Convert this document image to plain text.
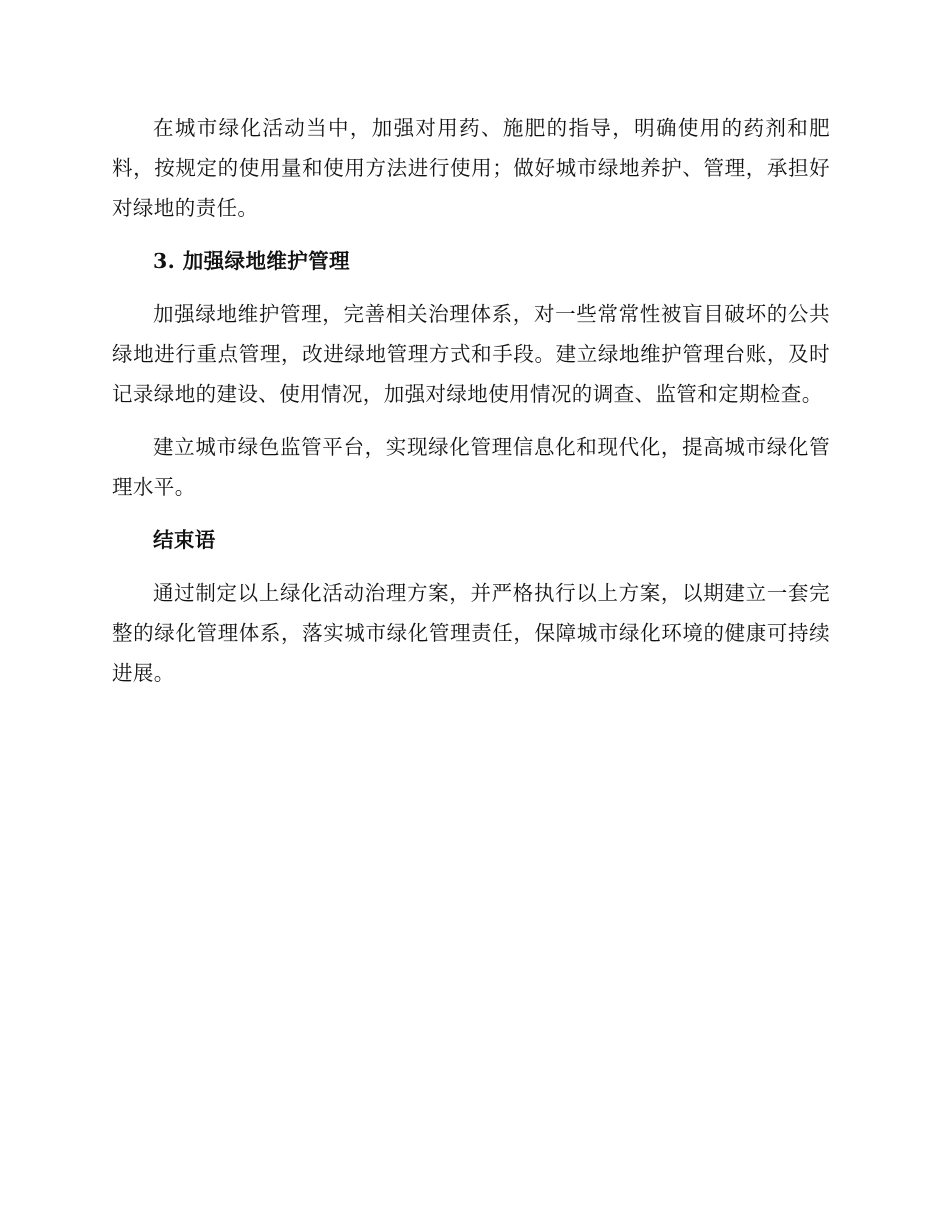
在城市绿化活动当中，加强对用药、施肥的指导，明确使用的药剂和肥料，按规定的使用量和使用方法进行使用；做好城市绿地养护、管理，承担好对绿地的责任。

3. 加强绿地维护管理

加强绿地维护管理，完善相关治理体系，对一些常常性被盲目破坏的公共绿地进行重点管理，改进绿地管理方式和手段。建立绿地维护管理台账，及时记录绿地的建设、使用情况，加强对绿地使用情况的调查、监管和定期检查。

建立城市绿色监管平台，实现绿化管理信息化和现代化，提高城市绿化管理水平。

结束语

通过制定以上绿化活动治理方案，并严格执行以上方案，以期建立一套完整的绿化管理体系，落实城市绿化管理责任，保障城市绿化环境的健康可持续进展。
